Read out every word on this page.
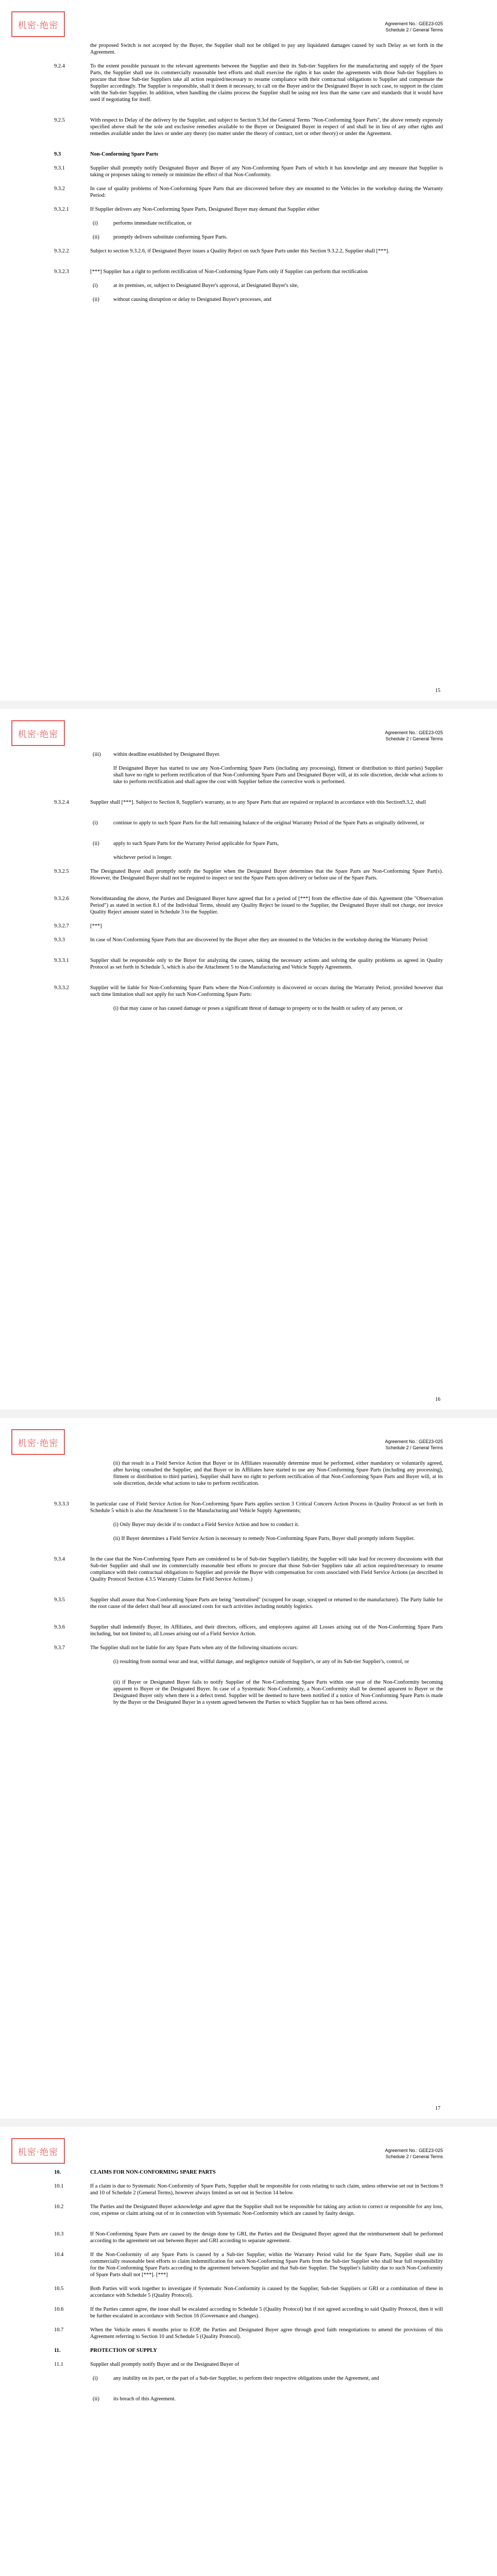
机密·绝密	Agreement No.: GEE23-025
Schedule 2 / General Terms
the proposed Switch is not accepted by the Buyer, the Supplier shall not be obliged to pay any liquidated damages caused by such Delay as set forth in the Agreement.
9.2.4	To the extent possible pursuant to the relevant agreements between the Supplier and their its Sub-tier Suppliers for the manufacturing and supply of the Spare Parts, the Supplier shall use its commercially reasonable best efforts and shall exercise the rights it has under the agreements with those Sub-tier Suppliers to procure that those Sub-tier Suppliers take all action required/necessary to resume compliance with their contractual obligations to Supplier and compensate the Supplier accordingly. The Supplier is responsible, shall it deem it necessary, to call on the Buyer and/or the Designated Buyer in such case, to support in the claim with the Sub-tier Supplier. In addition, when handling the claims process the Supplier shall be using not less than the same care and standards that it would have used if negotiating for itself.
9.2.5	With respect to Delay of the delivery by the Supplier, and subject to Section 9.3of the General Terms "Non-Conforming Spare Parts", the above remedy expressly specified above shall be the sole and exclusive remedies available to the Buyer or Designated Buyer in respect of and shall be in lieu of any other rights and remedies available under the laws or under any theory (no matter under the theory of contract, tort or other theory) or under the Agreement.
9.3	Non-Conforming Spare Parts
9.3.1	Supplier shall promptly notify Designated Buyer and Buyer of any Non-Conforming Spare Parts of which it has knowledge and any measure that Supplier is taking or proposes taking to remedy or minimize the effect of that Non-Conformity.
9.3.2	In case of quality problems of Non-Conforming Spare Parts that are discovered before they are mounted to the Vehicles in the workshop during the Warranty Period:
9.3.2.1	If Supplier delivers any Non-Conforming Spare Parts, Designated Buyer may demand that Supplier either
(i)	performs immediate rectification, or
(ii)	promptly delivers substitute conforming Spare Parts.
9.3.2.2	Subject to section 9.3.2.6, if Designated Buyer issues a Quality Reject on such Spare Parts under this Section 9.3.2.2, Supplier shall [***].
9.3.2.3	[***] Supplier has a right to perform rectification of Non-Conforming Spare Parts only if Supplier can perform that rectification
(i)	at its premises, or, subject to Designated Buyer's approval, at Designated Buyer's site,
(ii)	without causing disruption or delay to Designated Buyer's processes, and
15
机密·绝密	Agreement No.: GEE23-025
Schedule 2 / General Terms
(iii)	within deadline established by Designated Buyer.
If Designated Buyer has started to use any Non-Conforming Spare Parts (including any processing), fitment or distribution to third parties) Supplier shall have no right to perform rectification of that Non-Conforming Spare Parts and Designated Buyer will, at its sole discretion, decide what actions to take to perform rectification and shall agree the cost with Supplier before the corrective work is performed.
9.3.2.4	Supplier shall [***]. Subject to Section 8, Supplier's warranty, as to any Spare Parts that are repaired or replaced in accordance with this Section9.3.2, shall
(i)	continue to apply to such Spare Parts for the full remaining balance of the original Warranty Period of the Spare Parts as originally delivered, or
(ii)	apply to such Spare Parts for the Warranty Period applicable for Spare Parts,
whichever period is longer.
9.3.2.5	The Designated Buyer shall promptly notify the Supplier when the Designated Buyer determines that the Spare Parts are Non-Conforming Spare Part(s). However, the Designated Buyer shall not be required to inspect or test the Spare Parts upon delivery or before use of the Spare Parts.
9.3.2.6	Notwithstanding the above, the Parties and Designated Buyer have agreed that for a period of [***] from the effective date of this Agreement (the "Observation Period") as stated in section 8.1 of the Individual Terms, should any Quality Reject be issued to the Supplier, the Designated Buyer shall not charge, nor invoice Quality Reject amount stated in Schedule 3 to the Supplier.
9.3.2.7	[***]
9.3.3	In case of Non-Conforming Spare Parts that are discovered by the Buyer after they are mounted to the Vehicles in the workshop during the Warranty Period:
9.3.3.1	Supplier shall be responsible only to the Buyer for analyzing the causes, taking the necessary actions and solving the quality problems as agreed in Quality Protocol as set forth in Schedule 5, which is also the Attachment 5 to the Manufacturing and Vehicle Supply Agreements.
9.3.3.2	Supplier will be liable for Non-Conforming Spare Parts where the Non-Conformity is discovered or occurs during the Warranty Period, provided however that such time limitation shall not apply for such Non-Conforming Spare Parts:
(i) that may cause or has caused damage or poses a significant threat of damage to property or to the health or safety of any person, or
16
机密·绝密	Agreement No.: GEE23-025
Schedule 2 / General Terms
(ii) that result in a Field Service Action that Buyer or its Affiliates reasonably determine must be performed, either mandatory or voluntarily agreed, after having consulted the Supplier, and that Buyer or its Affiliates have started to use any Non-Conforming Spare Parts (including any processing), fitment or distribution to third parties), Supplier shall have no right to perform rectification of that Non-Conforming Spare Parts and Buyer will, at its sole discretion, decide what actions to take to perform rectification.
9.3.3.3	In particular case of Field Service Action for Non-Conforming Spare Parts applies section 3 Critical Concern Action Process in Quality Protocol as set forth in Schedule 5 which is also the Attachment 5 to the Manufacturing and Vehicle Supply Agreements;
(i) Only Buyer may decide if to conduct a Field Service Action and how to conduct it.
(ii) If Buyer determines a Field Service Action is necessary to remedy Non-Conforming Spare Parts, Buyer shall promptly inform Supplier.
9.3.4	In the case that the Non-Conforming Spare Parts are considered to be of Sub-tier Supplier's liability, the Supplier will take lead for recovery discussions with that Sub-tier Supplier and shall use its commercially reasonable best efforts to procure that those Sub-tier Suppliers take all action required/necessary to resume compliance with their contractual obligations to Supplier and provide the Buyer with compensation for costs associated with Field Service Actions (as described in Quality Protocol Section 4.3.5 Warranty Claims for Field Service Actions.)
9.3.5	Supplier shall assure that Non-Conforming Spare Parts are being "neutralised" (scrapped for usage, scrapped or returned to the manufacturer). The Party liable for the root cause of the defect shall bear all associated costs for such activities including notably logistics.
9.3.6	Supplier shall indemnify Buyer, its Affiliates, and their directors, officers, and employees against all Losses arising out of the Non-Conforming Spare Parts including, but not limited to, all Losses arising out of a Field Service Action.
9.3.7	The Supplier shall not be liable for any Spare Parts when any of the following situations occurs:
(i) resulting from normal wear and tear, willful damage, and negligence outside of Supplier's, or any of its Sub-tier Supplier's, control, or
(ii) if Buyer or Designated Buyer fails to notify Supplier of the Non-Conforming Spare Parts within one year of the Non-Conformity becoming apparent to Buyer or the Designated Buyer. In case of a Systematic Non-Conformity, a Non-Conformity shall be deemed apparent to Buyer or the Designated Buyer only when there is a defect trend. Supplier will be deemed to have been notified if a notice of Non-Conforming Spare Parts is made by the Buyer or the Designated Buyer in a system agreed between the Parties to which Supplier has or has been offered access.
17
机密·绝密	Agreement No.: GEE23-025
Schedule 2 / General Terms
10.	CLAIMS FOR NON-CONFORMING SPARE PARTS
10.1	If a claim is due to Systematic Non-Conformity of Spare Parts, Supplier shall be responsible for costs relating to such claim, unless otherwise set out in Sections 9 and 10 of Schedule 2 (General Terms), however always limited as set out in Section 14 below.
10.2	The Parties and the Designated Buyer acknowledge and agree that the Supplier shall not be responsible for taking any action to correct or responsible for any loss, cost, expense or claim arising out of or in connection with Systematic Non-Conformity which are caused by faulty design.
10.3	If Non-Conforming Spare Parts are caused by the design done by GRI, the Parties and the Designated Buyer agreed that the reimbursement shall be performed according to the agreement set out between Buyer and GRI according to separate agreement.
10.4	If the Non-Conformity of any Spare Parts is caused by a Sub-tier Supplier, within the Warranty Period valid for the Spare Parts, Supplier shall use its commercially reasonable best efforts to claim indemnification for such Non-Conforming Spare Parts from the Sub-tier Supplier who shall bear full responsibility for the Non-Conforming Spare Parts according to the agreement between Supplier and that Sub-tier Supplier. The Supplier's liability due to such Non-Conformity of Spare Parts shall not [***]. [***]
10.5	Both Parties will work together to investigate if Systematic Non-Conformity is caused by the Supplier, Sub-tier Suppliers or GRI or a combination of these in accordance with Schedule 5 (Quality Protocol).
10.6	If the Parties cannot agree, the issue shall be escalated according to Schedule 5 (Quality Protocol) but if not agreed according to said Quality Protocol, then it will be further escalated in accordance with Section 16 (Governance and changes).
10.7	When the Vehicle enters 6 months prior to EOP, the Parties and Designated Buyer agree through good faith renegotiations to amend the provisions of this Agreement referring to Section 10 and Schedule 5 (Quality Protocol).
11.	PROTECTION OF SUPPLY
11.1	Supplier shall promptly notify Buyer and or the Designated Buyer of
(i)	any inability on its part, or the part of a Sub-tier Supplier, to perform their respective obligations under the Agreement, and
(ii)	its breach of this Agreement.
